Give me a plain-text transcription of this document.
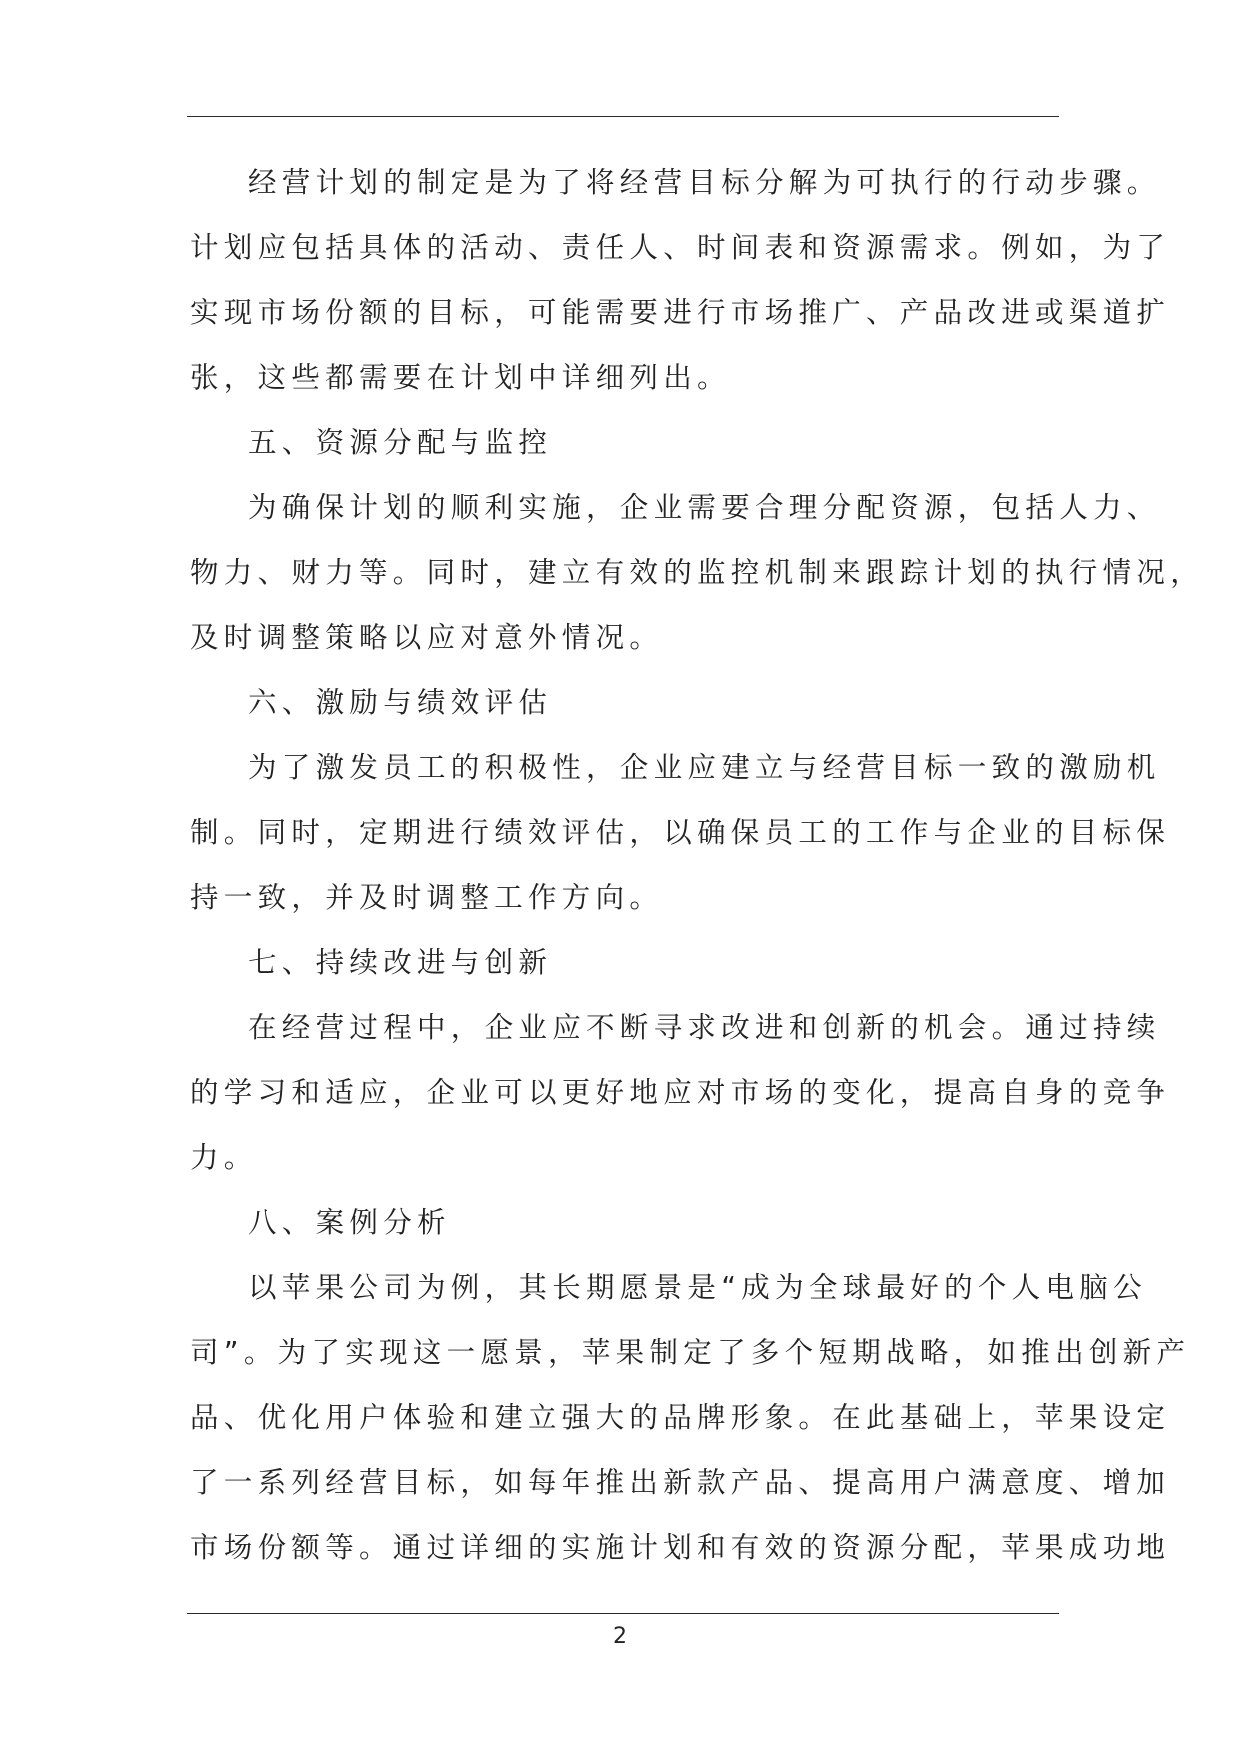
经营计划的制定是为了将经营目标分解为可执行的行动步骤。
计划应包括具体的活动、责任人、时间表和资源需求。例如，为了
实现市场份额的目标，可能需要进行市场推广、产品改进或渠道扩
张，这些都需要在计划中详细列出。
五、资源分配与监控
为确保计划的顺利实施，企业需要合理分配资源，包括人力、
物力、财力等。同时，建立有效的监控机制来跟踪计划的执行情况，
及时调整策略以应对意外情况。
六、激励与绩效评估
为了激发员工的积极性，企业应建立与经营目标一致的激励机
制。同时，定期进行绩效评估，以确保员工的工作与企业的目标保
持一致，并及时调整工作方向。
七、持续改进与创新
在经营过程中，企业应不断寻求改进和创新的机会。通过持续
的学习和适应，企业可以更好地应对市场的变化，提高自身的竞争
力。
八、案例分析
以苹果公司为例，其长期愿景是“成为全球最好的个人电脑公
司”。为了实现这一愿景，苹果制定了多个短期战略，如推出创新产
品、优化用户体验和建立强大的品牌形象。在此基础上，苹果设定
了一系列经营目标，如每年推出新款产品、提高用户满意度、增加
市场份额等。通过详细的实施计划和有效的资源分配，苹果成功地
2
